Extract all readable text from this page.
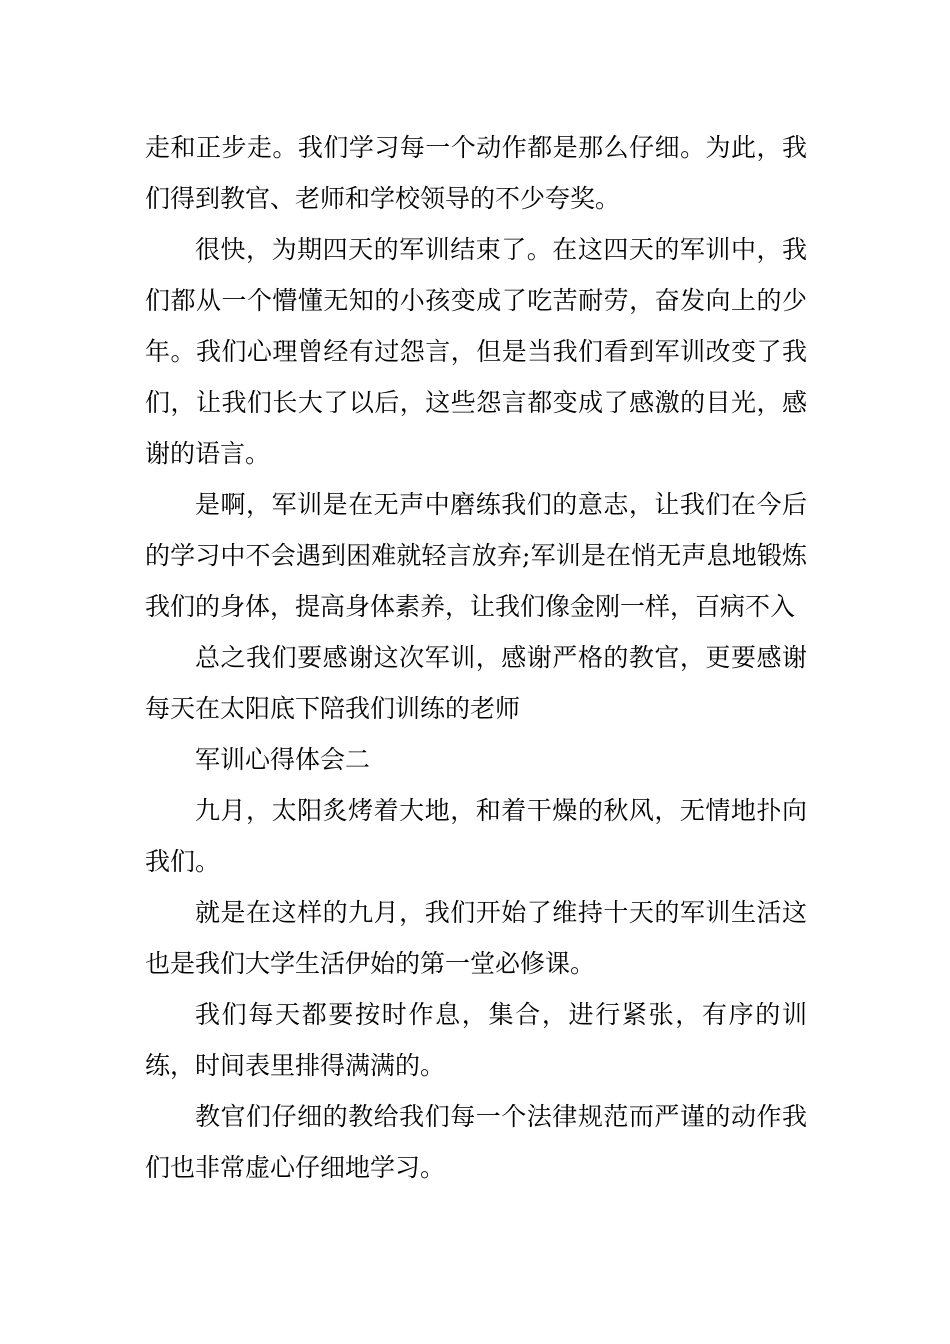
走和正步走。我们学习每一个动作都是那么仔细。为此，我们得到教官、老师和学校领导的不少夸奖。

很快，为期四天的军训结束了。在这四天的军训中，我们都从一个懵懂无知的小孩变成了吃苦耐劳，奋发向上的少年。我们心理曾经有过怨言，但是当我们看到军训改变了我们，让我们长大了以后，这些怨言都变成了感激的目光，感谢的语言。

是啊，军训是在无声中磨练我们的意志，让我们在今后的学习中不会遇到困难就轻言放弃;军训是在悄无声息地锻炼我们的身体，提高身体素养，让我们像金刚一样，百病不入

总之我们要感谢这次军训，感谢严格的教官，更要感谢每天在太阳底下陪我们训练的老师

军训心得体会二

九月，太阳炙烤着大地，和着干燥的秋风，无情地扑向我们。

就是在这样的九月，我们开始了维持十天的军训生活这也是我们大学生活伊始的第一堂必修课。

我们每天都要按时作息，集合，进行紧张，有序的训练，时间表里排得满满的。

教官们仔细的教给我们每一个法律规范而严谨的动作我们也非常虚心仔细地学习。
